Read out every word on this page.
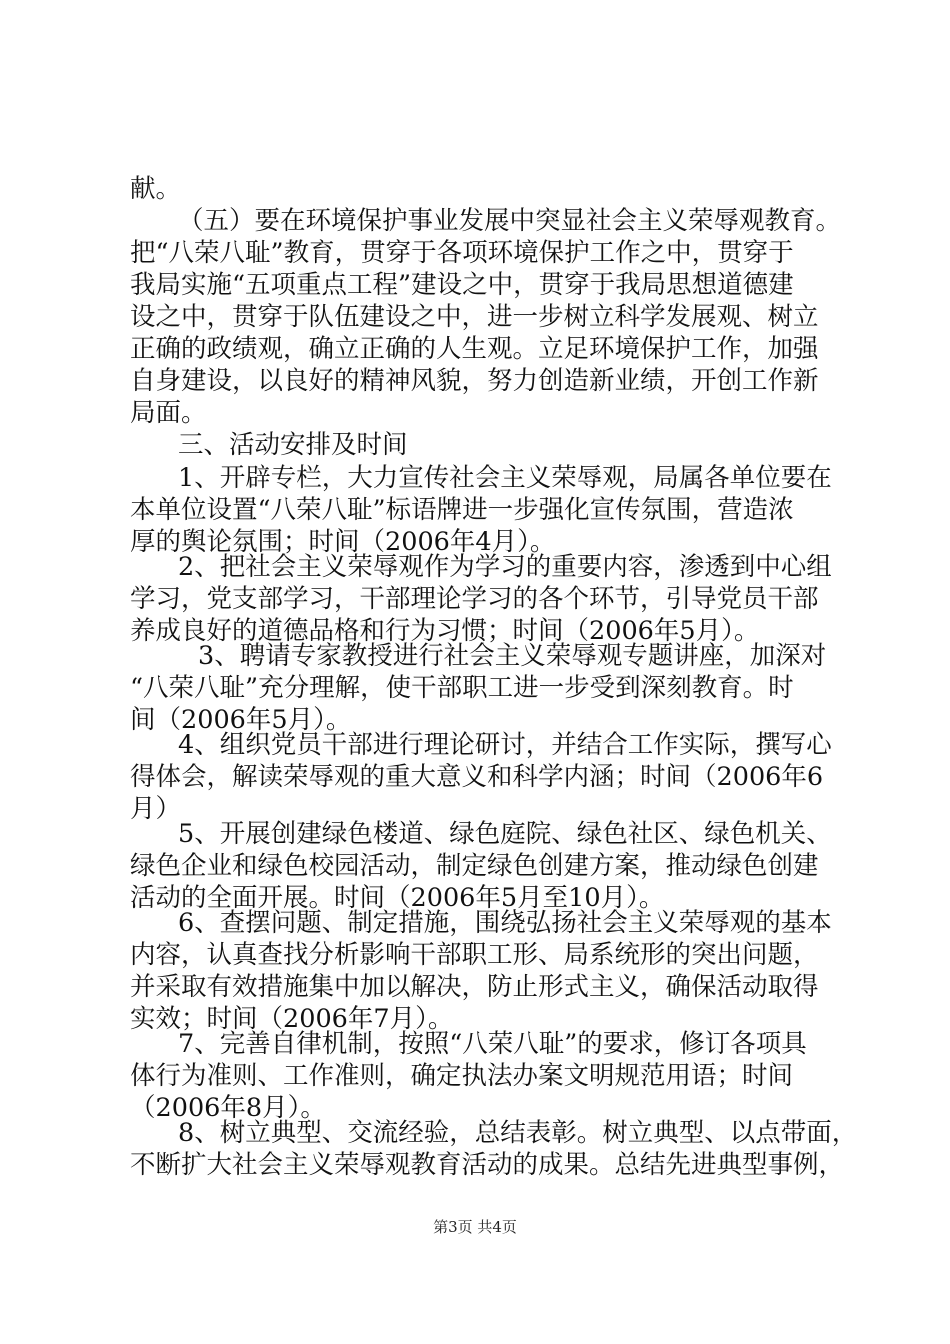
献。
（五）要在环境保护事业发展中突显社会主义荣辱观教育。
把“八荣八耻”教育，贯穿于各项环境保护工作之中，贯穿于
我局实施“五项重点工程”建设之中，贯穿于我局思想道德建
设之中，贯穿于队伍建设之中，进一步树立科学发展观、树立
正确的政绩观，确立正确的人生观。立足环境保护工作，加强
自身建设，以良好的精神风貌，努力创造新业绩，开创工作新
局面。
三、活动安排及时间
1、开辟专栏，大力宣传社会主义荣辱观，局属各单位要在
本单位设置“八荣八耻”标语牌进一步强化宣传氛围，营造浓
厚的舆论氛围；时间（2006年4月）。
2、把社会主义荣辱观作为学习的重要内容，渗透到中心组
学习，党支部学习，干部理论学习的各个环节，引导党员干部
养成良好的道德品格和行为习惯；时间（2006年5月）。
3、聘请专家教授进行社会主义荣辱观专题讲座，加深对
“八荣八耻”充分理解，使干部职工进一步受到深刻教育。时
间（2006年5月）。
4、组织党员干部进行理论研讨，并结合工作实际，撰写心
得体会，解读荣辱观的重大意义和科学内涵；时间（2006年6
月）
5、开展创建绿色楼道、绿色庭院、绿色社区、绿色机关、
绿色企业和绿色校园活动，制定绿色创建方案，推动绿色创建
活动的全面开展。时间（2006年5月至10月）。
6、查摆问题、制定措施，围绕弘扬社会主义荣辱观的基本
内容，认真查找分析影响干部职工形、局系统形的突出问题，
并采取有效措施集中加以解决，防止形式主义，确保活动取得
实效；时间（2006年7月）。
7、完善自律机制，按照“八荣八耻”的要求，修订各项具
体行为准则、工作准则，确定执法办案文明规范用语；时间
（2006年8月）。
8、树立典型、交流经验，总结表彰。树立典型、以点带面，
不断扩大社会主义荣辱观教育活动的成果。总结先进典型事例，
第3页 共4页
